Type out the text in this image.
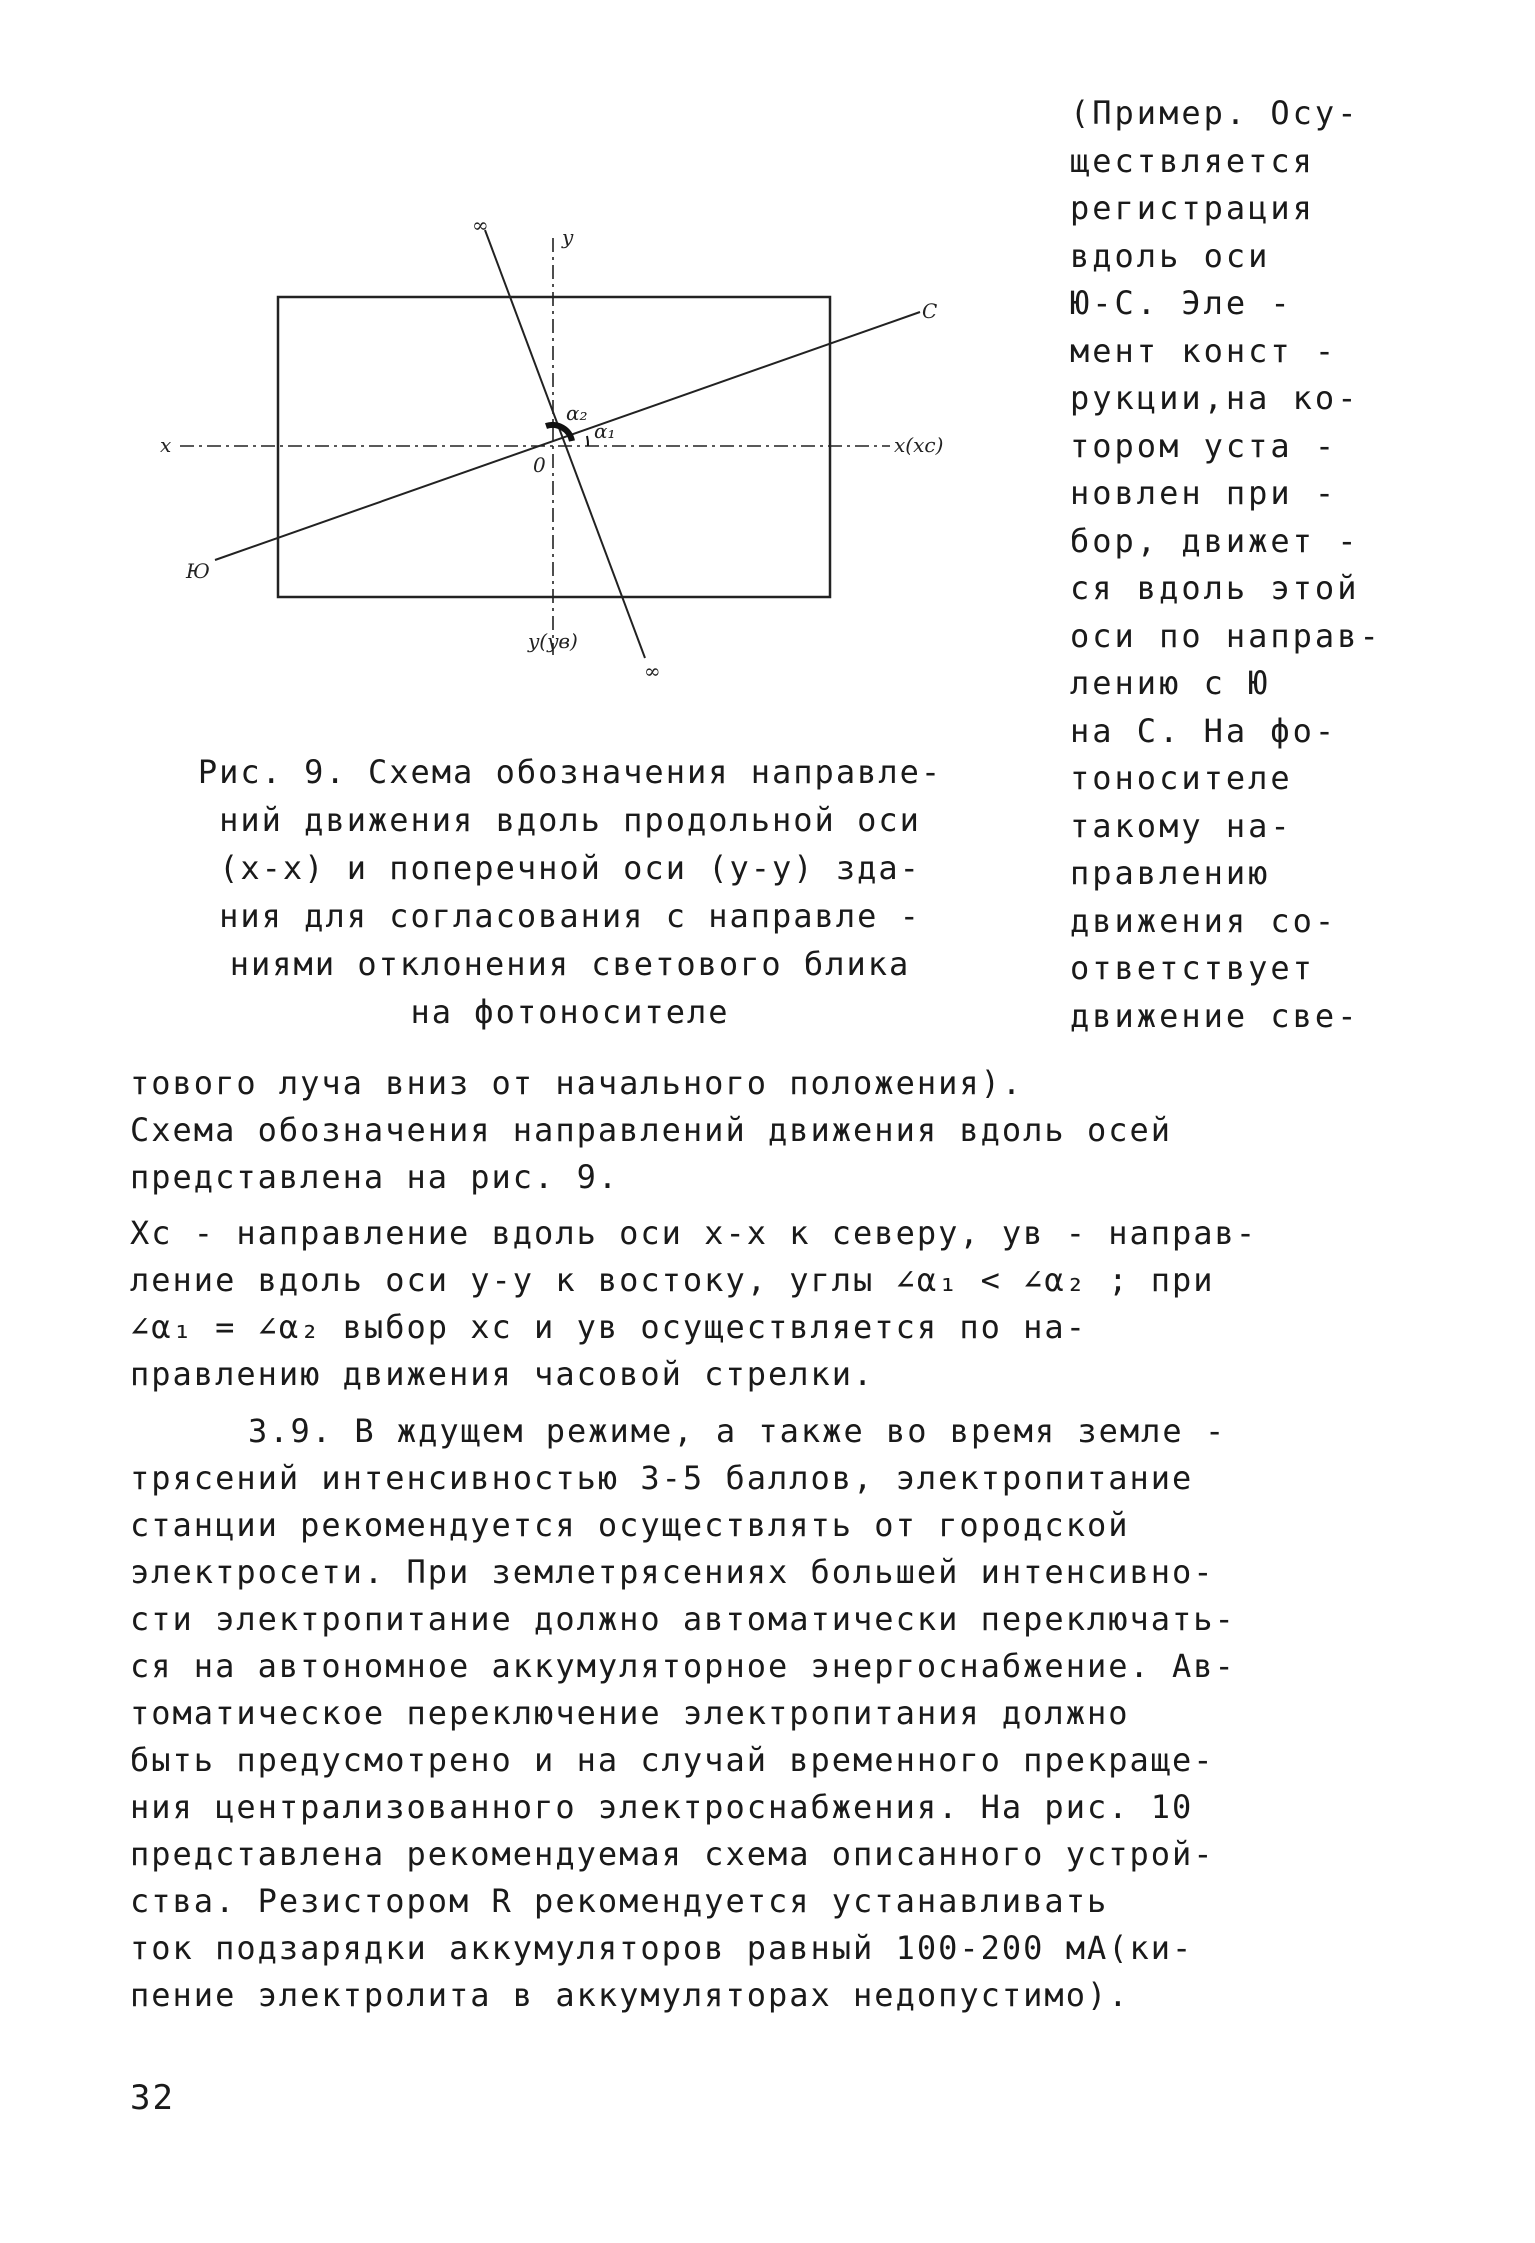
y
∞
С
α₂
α₁
x
0
x(xc)
Ю
y(yв)
∞
Рис. 9. Схема обозначения направле-
ний движения вдоль продольной оси
(х-х) и поперечной оси (у-у) зда-
ния для согласования с направле -
ниями отклонения светового блика
на фотоносителе
(Пример. Осу-
ществляется
регистрация
вдоль оси
Ю-С. Эле -
мент конст -
рукции,на ко-
тором уста -
новлен при -
бор, движет -
ся вдоль этой
оси по направ-
лению с Ю
на С. На фо-
тоносителе
такому на-
правлению
движения со-
ответствует
движение све-
тового луча вниз от начального положения).
Схема обозначения направлений движения вдоль осей
представлена на рис. 9.
Xс - направление вдоль оси х-х к северу, yв - направ-
ление вдоль оси у-у к востоку, углы ∠α₁ < ∠α₂ ; при
∠α₁ = ∠α₂ выбор xс и yв осуществляется по на-
правлению движения часовой стрелки.
3.9. В ждущем режиме, а также во время земле -
трясений интенсивностью 3-5 баллов, электропитание
станции рекомендуется осуществлять от городской
электросети. При землетрясениях большей интенсивно-
сти электропитание должно автоматически переключать-
ся на автономное аккумуляторное энергоснабжение. Ав-
томатическое переключение электропитания должно
быть предусмотрено и на случай временного прекраще-
ния централизованного электроснабжения. На рис. 10
представлена рекомендуемая схема описанного устрой-
ства. Резистором R рекомендуется устанавливать
ток подзарядки аккумуляторов равный 100-200 мА(ки-
пение электролита в аккумуляторах недопустимо).
32
